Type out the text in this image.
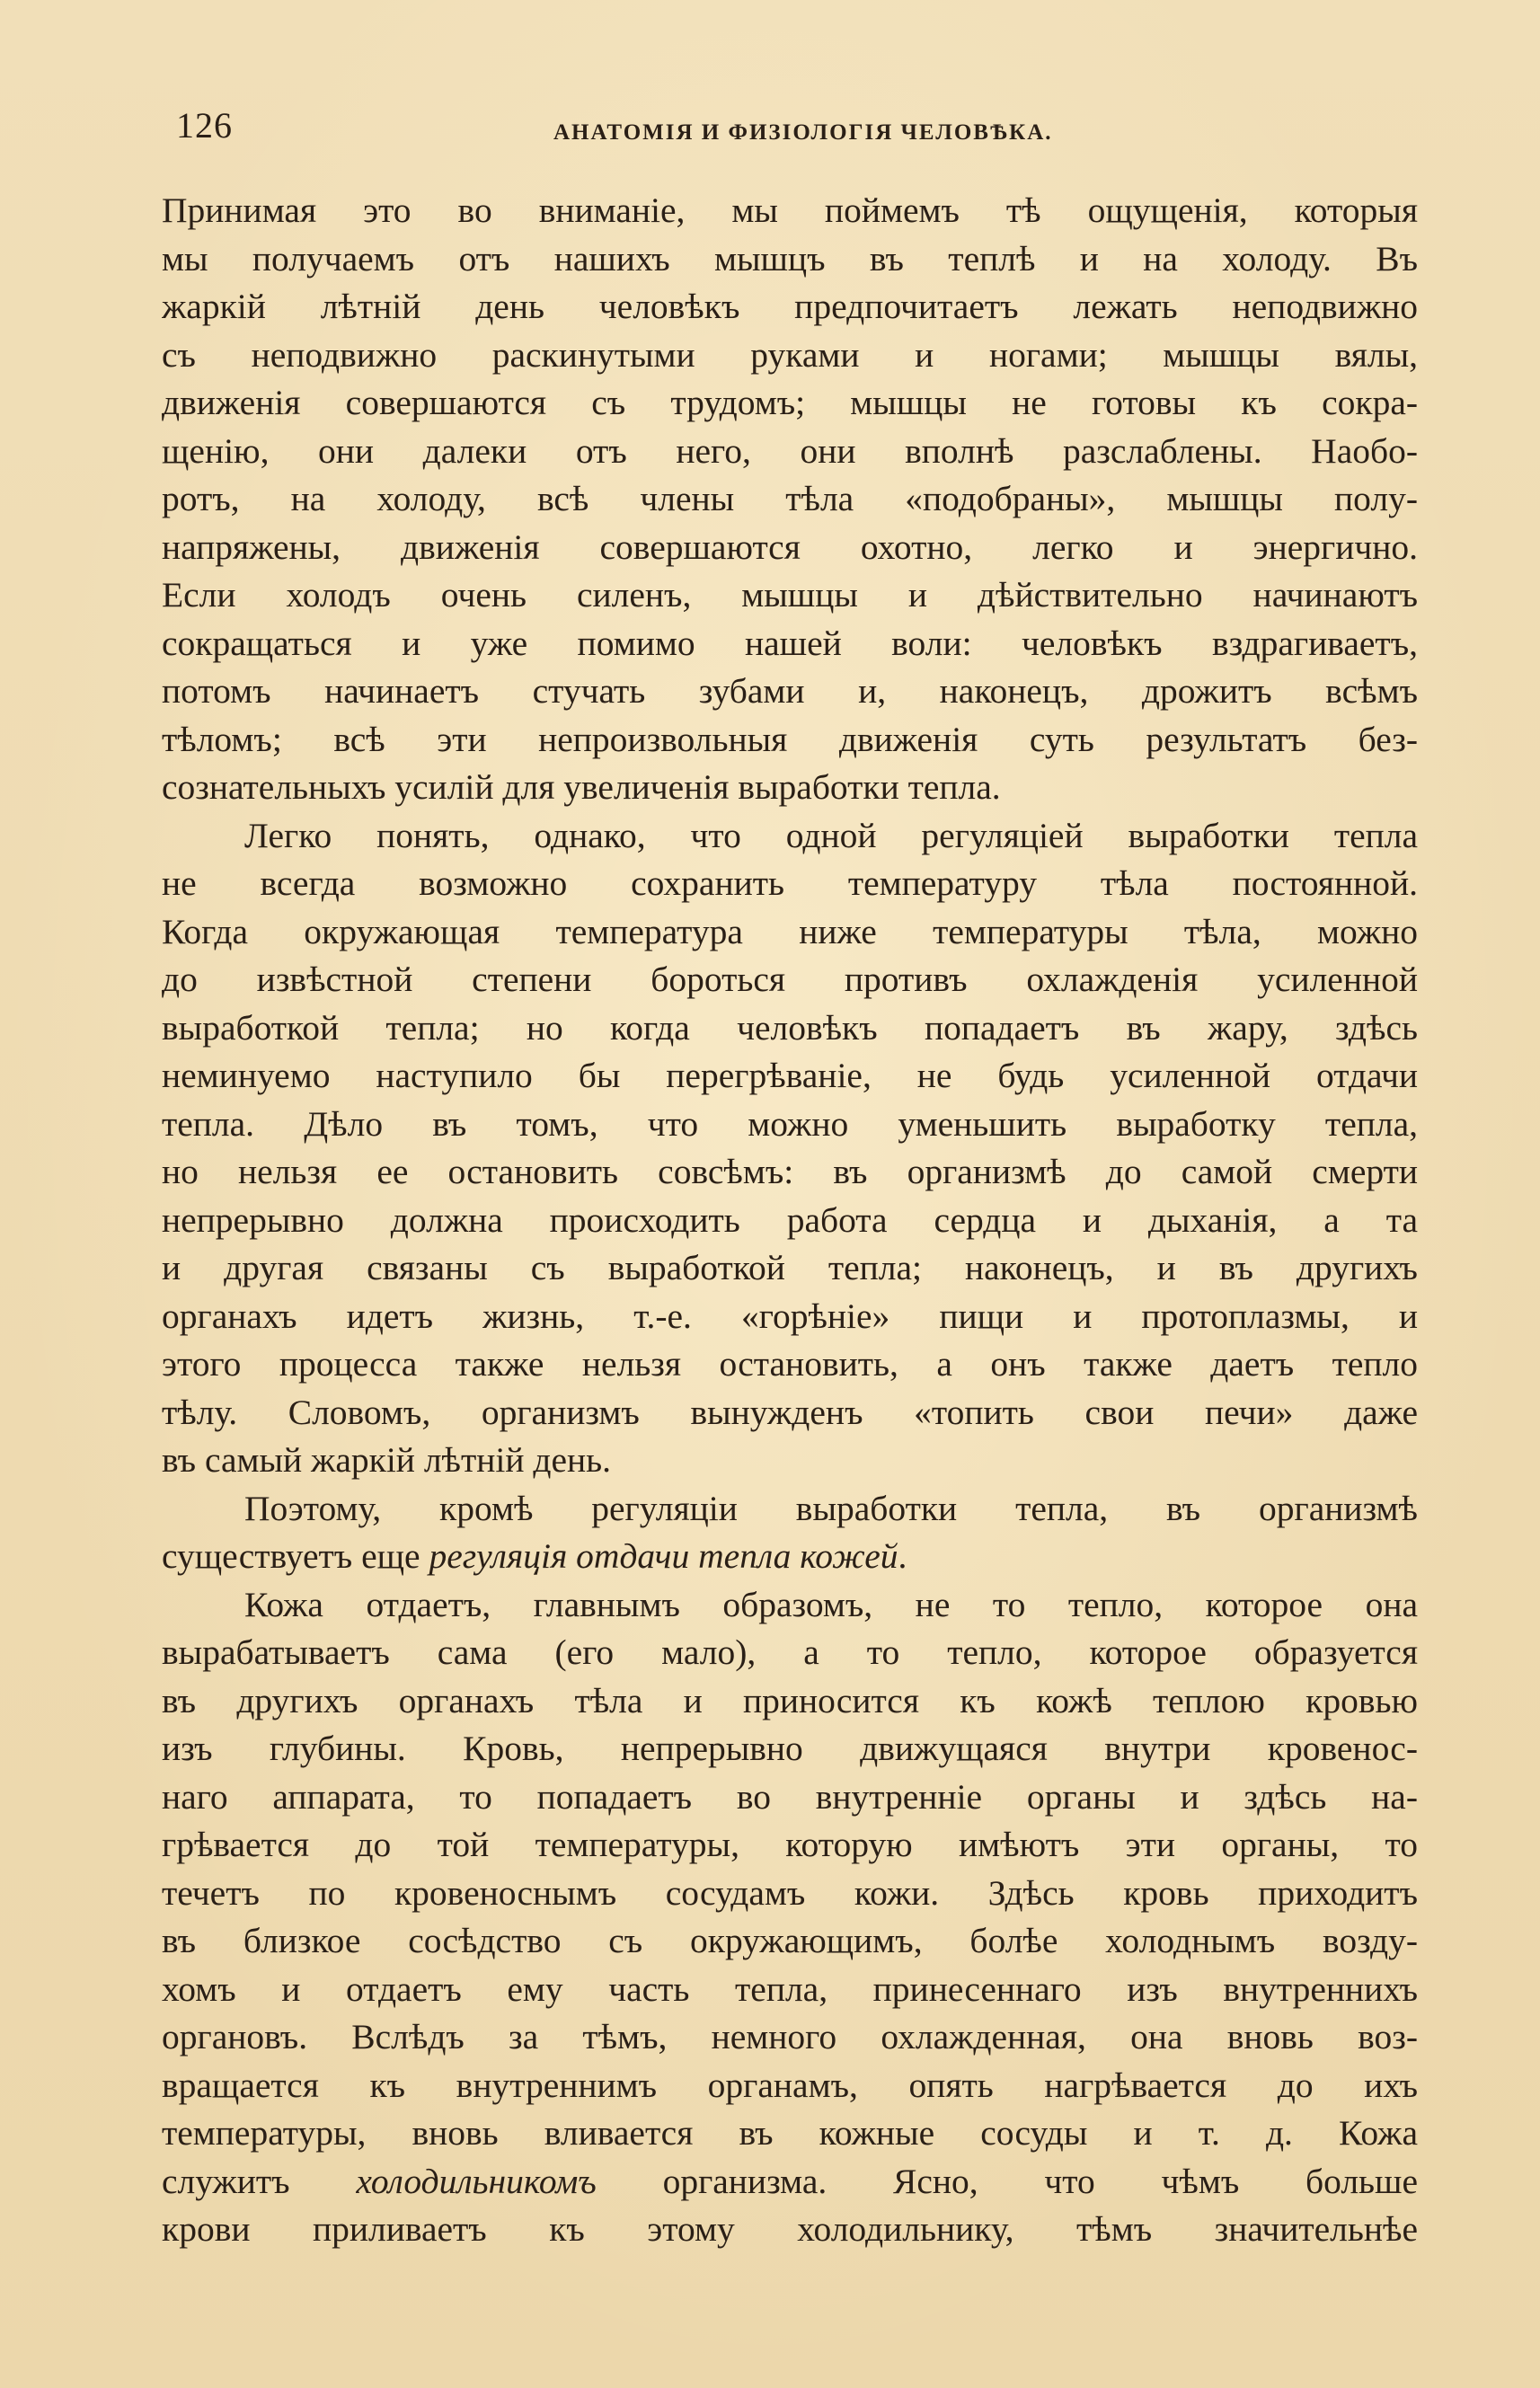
126	АНАТОМІЯ И ФИЗІОЛОГІЯ ЧЕЛОВѢКА.
Принимая это во вниманіе, мы поймемъ тѣ ощущенія, которыя
мы получаемъ отъ нашихъ мышцъ въ теплѣ и на холоду. Въ
жаркій лѣтній день человѣкъ предпочитаетъ лежать неподвижно
съ неподвижно раскинутыми руками и ногами; мышцы вялы,
движенія совершаются съ трудомъ; мышцы не готовы къ сокра-
щенію, они далеки отъ него, они вполнѣ разслаблены. Наобо-
ротъ, на холоду, всѣ члены тѣла «подобраны», мышцы полу-
напряжены, движенія совершаются охотно, легко и энергично.
Если холодъ очень силенъ, мышцы и дѣйствительно начинаютъ
сокращаться и уже помимо нашей воли: человѣкъ вздрагиваетъ,
потомъ начинаетъ стучать зубами и, наконецъ, дрожитъ всѣмъ
тѣломъ; всѣ эти непроизвольныя движенія суть результатъ без-
сознательныхъ усилій для увеличенія выработки тепла.
Легко понять, однако, что одной регуляціей выработки тепла
не всегда возможно сохранить температуру тѣла постоянной.
Когда окружающая температура ниже температуры тѣла, можно
до извѣстной степени бороться противъ охлажденія усиленной
выработкой тепла; но когда человѣкъ попадаетъ въ жару, здѣсь
неминуемо наступило бы перегрѣваніе, не будь усиленной отдачи
тепла. Дѣло въ томъ, что можно уменьшить выработку тепла,
но нельзя ее остановить совсѣмъ: въ организмѣ до самой смерти
непрерывно должна происходить работа сердца и дыханія, а та
и другая связаны съ выработкой тепла; наконецъ, и въ другихъ
органахъ идетъ жизнь, т.-е. «горѣніе» пищи и протоплазмы, и
этого процесса также нельзя остановить, а онъ также даетъ тепло
тѣлу. Словомъ, организмъ вынужденъ «топить свои печи» даже
въ самый жаркій лѣтній день.
Поэтому, кромѣ регуляціи выработки тепла, въ организмѣ
существуетъ еще регуляція отдачи тепла кожей.
Кожа отдаетъ, главнымъ образомъ, не то тепло, которое она
вырабатываетъ сама (его мало), а то тепло, которое образуется
въ другихъ органахъ тѣла и приносится къ кожѣ теплою кровью
изъ глубины. Кровь, непрерывно движущаяся внутри кровенос-
наго аппарата, то попадаетъ во внутренніе органы и здѣсь на-
грѣвается до той температуры, которую имѣютъ эти органы, то
течетъ по кровеноснымъ сосудамъ кожи. Здѣсь кровь приходитъ
въ близкое сосѣдство съ окружающимъ, болѣе холоднымъ возду-
хомъ и отдаетъ ему часть тепла, принесеннаго изъ внутреннихъ
органовъ. Вслѣдъ за тѣмъ, немного охлажденная, она вновь воз-
вращается къ внутреннимъ органамъ, опять нагрѣвается до ихъ
температуры, вновь вливается въ кожные сосуды и т. д. Кожа
служитъ холодильникомъ организма. Ясно, что чѣмъ больше
крови приливаетъ къ этому холодильнику, тѣмъ значительнѣе
